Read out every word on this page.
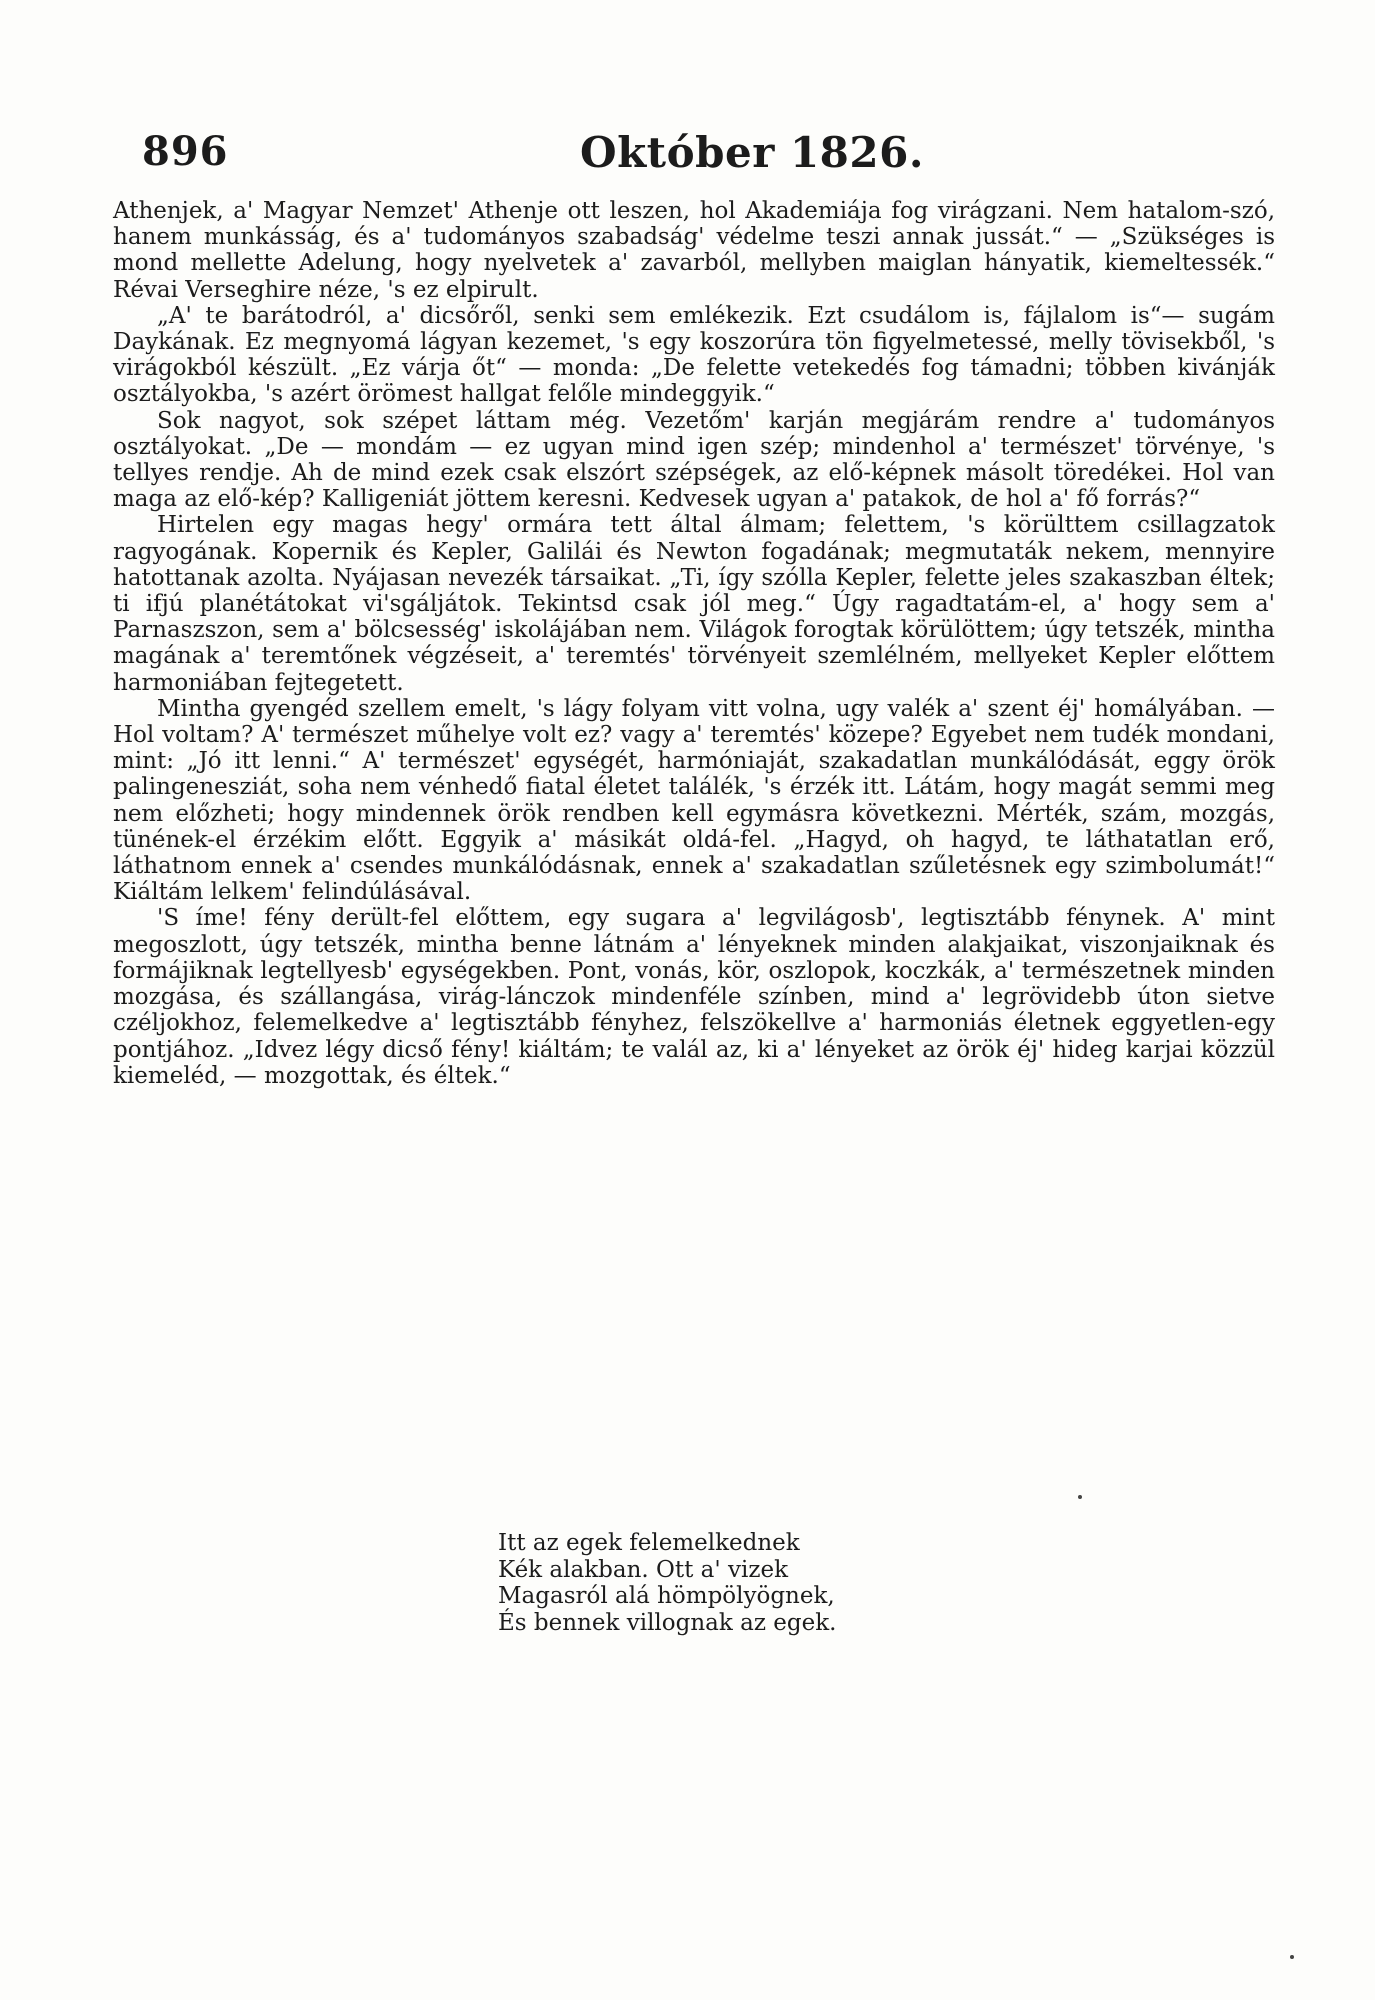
896	Október 1826.

Athenjek, a' Magyar Nemzet' Athenje ott leszen, hol Akademiája fog virágzani. Nem hatalom-szó, hanem munkásság, és a' tudományos szabadság' védelme teszi annak jussát.“ — „Szükséges is mond mellette Adelung, hogy nyelvetek a' zavarból, mellyben maiglan hányatik, kiemeltessék.“ Révai Verseghire néze, 's ez elpirult.

„A' te barátodról, a' dicsőről, senki sem emlékezik. Ezt csudálom is, fájlalom is“— sugám Daykának. Ez megnyomá lágyan kezemet, 's egy koszorúra tön figyelmetessé, melly tövisekből, 's virágokból készült. „Ez várja őt“ — monda: „De felette vetekedés fog támadni; többen kivánják osztályokba, 's azért örömest hallgat felőle mindeggyik.“

Sok nagyot, sok szépet láttam még. Vezetőm' karján megjárám rendre a' tudományos osztályokat. „De — mondám — ez ugyan mind igen szép; mindenhol a' természet' törvénye, 's tellyes rendje. Ah de mind ezek csak elszórt szépségek, az elő-képnek másolt töredékei. Hol van maga az elő-kép? Kalligeniát jöttem keresni. Kedvesek ugyan a' patakok, de hol a' fő forrás?“

Hirtelen egy magas hegy' ormára tett által álmam; felettem, 's körülttem csillagzatok ragyogának. Kopernik és Kepler, Galilái és Newton fogadának; megmutaták nekem, mennyire hatottanak azolta. Nyájasan nevezék társaikat. „Ti, így szólla Kepler, felette jeles szakaszban éltek; ti ifjú planétátokat vi'sgáljátok. Tekintsd csak jól meg.“ Úgy ragadtatám-el, a' hogy sem a' Parnaszszon, sem a' bölcsesség' iskolájában nem. Világok forogtak körülöttem; úgy tetszék, mintha magának a' teremtőnek végzéseit, a' teremtés' törvényeit szemlélném, mellyeket Kepler előttem harmoniában fejtegetett.

Mintha gyengéd szellem emelt, 's lágy folyam vitt volna, ugy valék a' szent éj' homályában. — Hol voltam? A' természet műhelye volt ez? vagy a' teremtés' közepe? Egyebet nem tudék mondani, mint: „Jó itt lenni.“ A' természet' egységét, harmóniaját, szakadatlan munkálódását, eggy örök palingenesziát, soha nem vénhedő fiatal életet találék, 's érzék itt. Látám, hogy magát semmi meg nem előzheti; hogy mindennek örök rendben kell egymásra következni. Mérték, szám, mozgás, tünének-el érzékim előtt. Eggyik a' másikát oldá-fel. „Hagyd, oh hagyd, te láthatatlan erő, láthatnom ennek a' csendes munkálódásnak, ennek a' szakadatlan szűletésnek egy szimbolumát!“ Kiáltám lelkem' felindúlásával.

'S íme! fény derült-fel előttem, egy sugara a' legvilágosb', legtisztább fénynek. A' mint megoszlott, úgy tetszék, mintha benne látnám a' lényeknek minden alakjaikat, viszonjaiknak és formájiknak legtellyesb' egységekben. Pont, vonás, kör, oszlopok, koczkák, a' természetnek minden mozgása, és szállangása, virág-lánczok mindenféle színben, mind a' legrövidebb úton sietve czéljokhoz, felemelkedve a' legtisztább fényhez, felszökellve a' harmoniás életnek eggyetlen-egy pontjához. „Idvez légy dicső fény! kiáltám; te valál az, ki a' lényeket az örök éj' hideg karjai közzül kiemeléd, — mozgottak, és éltek.“

Itt az egek felemelkednek
Kék alakban. Ott a' vizek
Magasról alá hömpölyögnek,
És bennek villognak az egek.
